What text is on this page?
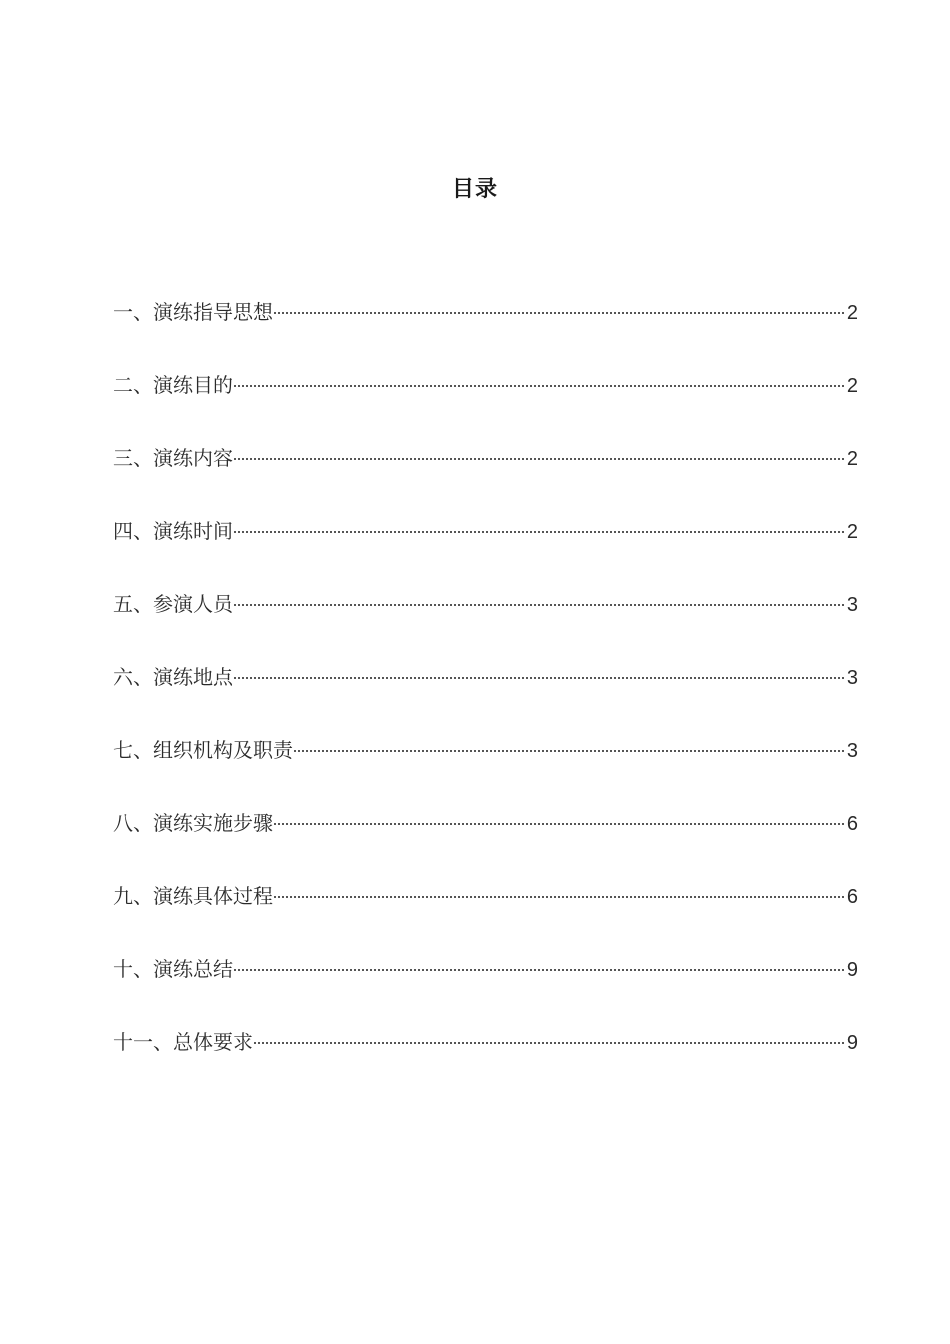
目录
一、演练指导思想	2
二、演练目的	2
三、演练内容	2
四、演练时间	2
五、参演人员	3
六、演练地点	3
七、组织机构及职责	3
八、演练实施步骤	6
九、演练具体过程	6
十、演练总结	9
十一、总体要求	9
